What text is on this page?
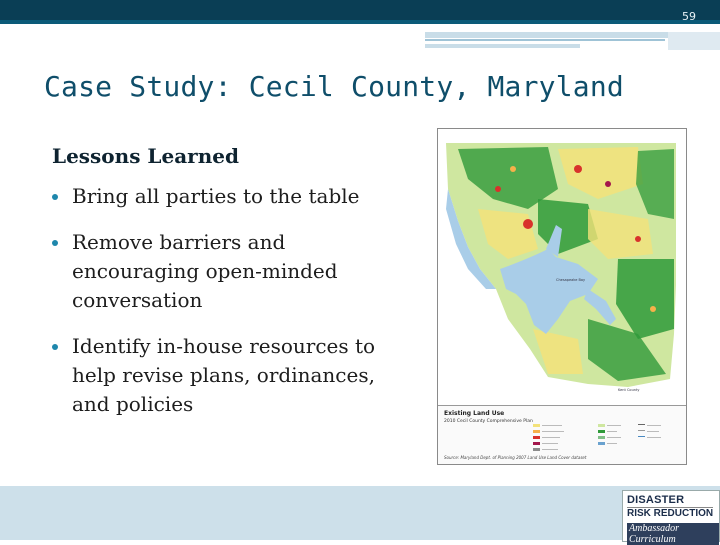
59
Case Study: Cecil County, Maryland
Lessons Learned
Bring all parties to the table
Remove barriers and encouraging open-minded conversation
Identify in-house resources to help revise plans, ordinances, and policies
Chesapeake Bay
Kent County
Existing Land Use
2010 Cecil County Comprehensive Plan
Source: Maryland Dept. of Planning 2007 Land Use Land Cover dataset
DISASTER
RISK REDUCTION
Ambassador Curriculum
